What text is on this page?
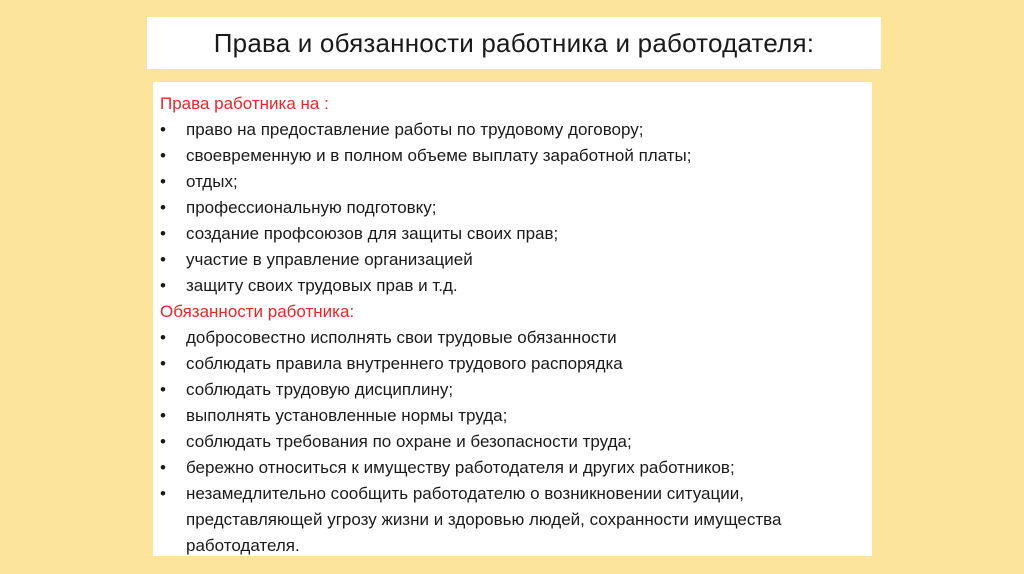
Права и обязанности работника и работодателя:
Права работника на :
•	право на предоставление работы по трудовому договору;
•	своевременную и в полном объеме выплату заработной платы;
•	отдых;
•	профессиональную подготовку;
•	создание профсоюзов для защиты своих прав;
•	участие в управление организацией
•	защиту своих трудовых прав и т.д.
Обязанности работника:
•	добросовестно исполнять свои трудовые обязанности
•	соблюдать правила внутреннего трудового распорядка
•	соблюдать трудовую дисциплину;
•	выполнять установленные нормы труда;
•	соблюдать требования по охране и безопасности труда;
•	бережно относиться к имуществу работодателя и других работников;
•	незамедлительно сообщить работодателю о возникновении ситуации, представляющей угрозу жизни и здоровью людей, сохранности имущества работодателя.
